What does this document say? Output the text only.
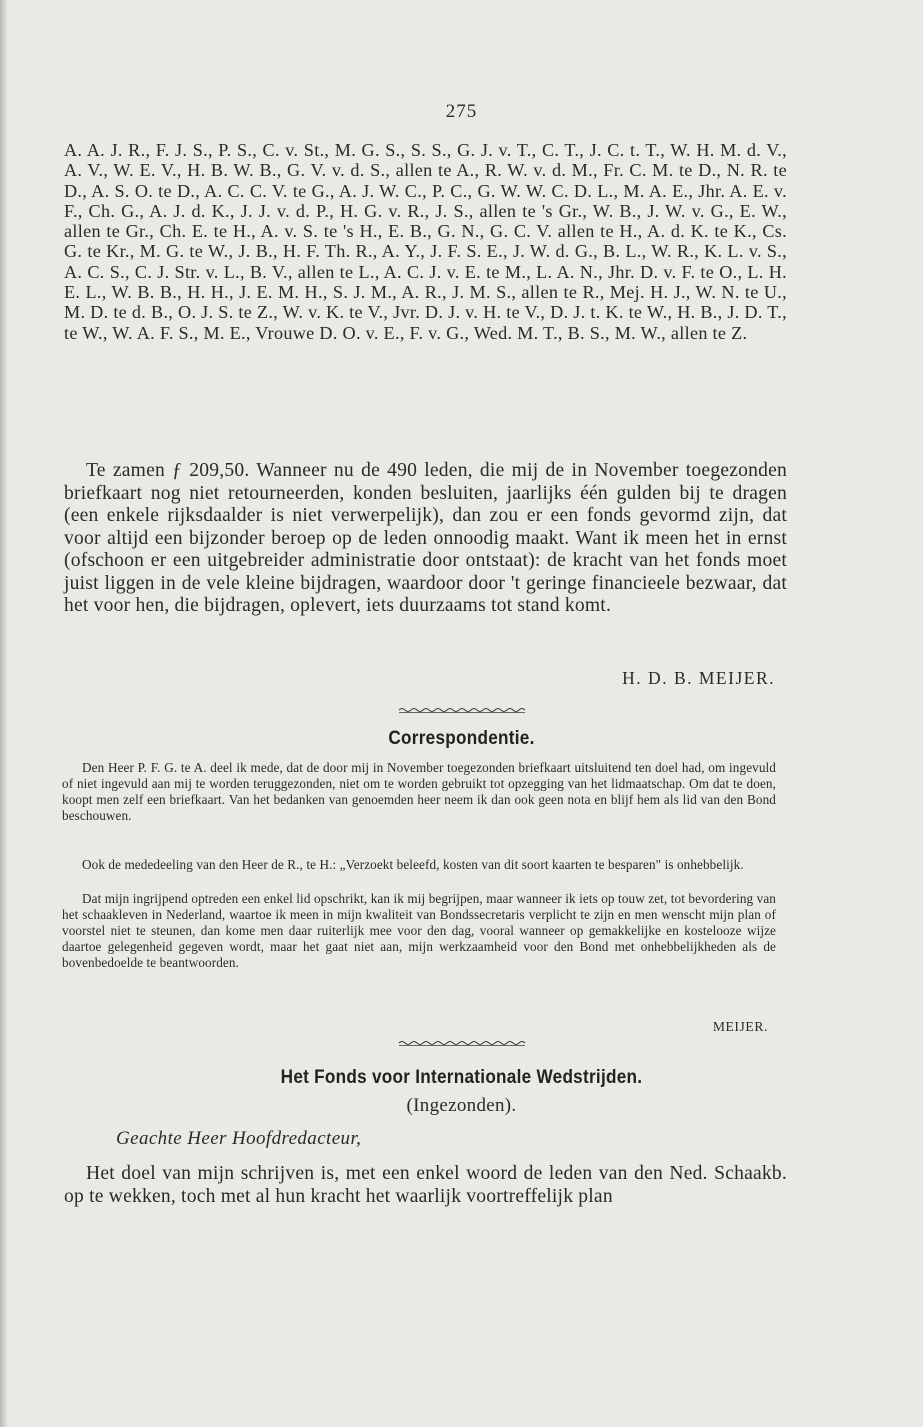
275

A. A. J. R., F. J. S., P. S., C. v. St., M. G. S., S. S., G. J. v. T., C. T., J. C. t. T., W. H. M. d. V., A. V., W. E. V., H. B. W. B., G. V. v. d. S., allen te A., R. W. v. d. M., Fr. C. M. te D., N. R. te D., A. S. O. te D., A. C. C. V. te G., A. J. W. C., P. C., G. W. W. C. D. L., M. A. E., Jhr. A. E. v. F., Ch. G., A. J. d. K., J. J. v. d. P., H. G. v. R., J. S., allen te 's Gr., W. B., J. W. v. G., E. W., allen te Gr., Ch. E. te H., A. v. S. te 's H., E. B., G. N., G. C. V. allen te H., A. d. K. te K., Cs. G. te Kr., M. G. te W., J. B., H. F. Th. R., A. Y., J. F. S. E., J. W. d. G., B. L., W. R., K. L. v. S., A. C. S., C. J. Str. v. L., B. V., allen te L., A. C. J. v. E. te M., L. A. N., Jhr. D. v. F. te O., L. H. E. L., W. B. B., H. H., J. E. M. H., S. J. M., A. R., J. M. S., allen te R., Mej. H. J., W. N. te U., M. D. te d. B., O. J. S. te Z., W. v. K. te V., Jvr. D. J. v. H. te V., D. J. t. K. te W., H. B., J. D. T., te W., W. A. F. S., M. E., Vrouwe D. O. v. E., F. v. G., Wed. M. T., B. S., M. W., allen te Z.

Te zamen ƒ 209,50. Wanneer nu de 490 leden, die mij de in November toegezonden briefkaart nog niet retourneerden, konden besluiten, jaarlijks één gulden bij te dragen (een enkele rijksdaalder is niet verwerpelijk), dan zou er een fonds gevormd zijn, dat voor altijd een bijzonder beroep op de leden onnoodig maakt. Want ik meen het in ernst (ofschoon er een uitgebreider administratie door ontstaat): de kracht van het fonds moet juist liggen in de vele kleine bijdragen, waardoor door 't geringe financieele bezwaar, dat het voor hen, die bijdragen, oplevert, iets duurzaams tot stand komt.

H. D. B. MEIJER.
Correspondentie.

Den Heer P. F. G. te A. deel ik mede, dat de door mij in November toegezonden briefkaart uitsluitend ten doel had, om ingevuld of niet ingevuld aan mij te worden teruggezonden, niet om te worden gebruikt tot opzegging van het lidmaatschap. Om dat te doen, koopt men zelf een briefkaart. Van het bedanken van genoemden heer neem ik dan ook geen nota en blijf hem als lid van den Bond beschouwen.

Ook de mededeeling van den Heer de R., te H.: „Verzoekt beleefd, kosten van dit soort kaarten te besparen" is onhebbelijk.

Dat mijn ingrijpend optreden een enkel lid opschrikt, kan ik mij begrijpen, maar wanneer ik iets op touw zet, tot bevordering van het schaakleven in Nederland, waartoe ik meen in mijn kwaliteit van Bondssecretaris verplicht te zijn en men wenscht mijn plan of voorstel niet te steunen, dan kome men daar ruiterlijk mee voor den dag, vooral wanneer op gemakkelijke en kostelooze wijze daartoe gelegenheid gegeven wordt, maar het gaat niet aan, mijn werkzaamheid voor den Bond met onhebbelijkheden als de bovenbedoelde te beantwoorden.

MEIJER.
Het Fonds voor Internationale Wedstrijden.
(Ingezonden).
Geachte Heer Hoofdredacteur,

Het doel van mijn schrijven is, met een enkel woord de leden van den Ned. Schaakb. op te wekken, toch met al hun kracht het waarlijk voortreffelijk plan
